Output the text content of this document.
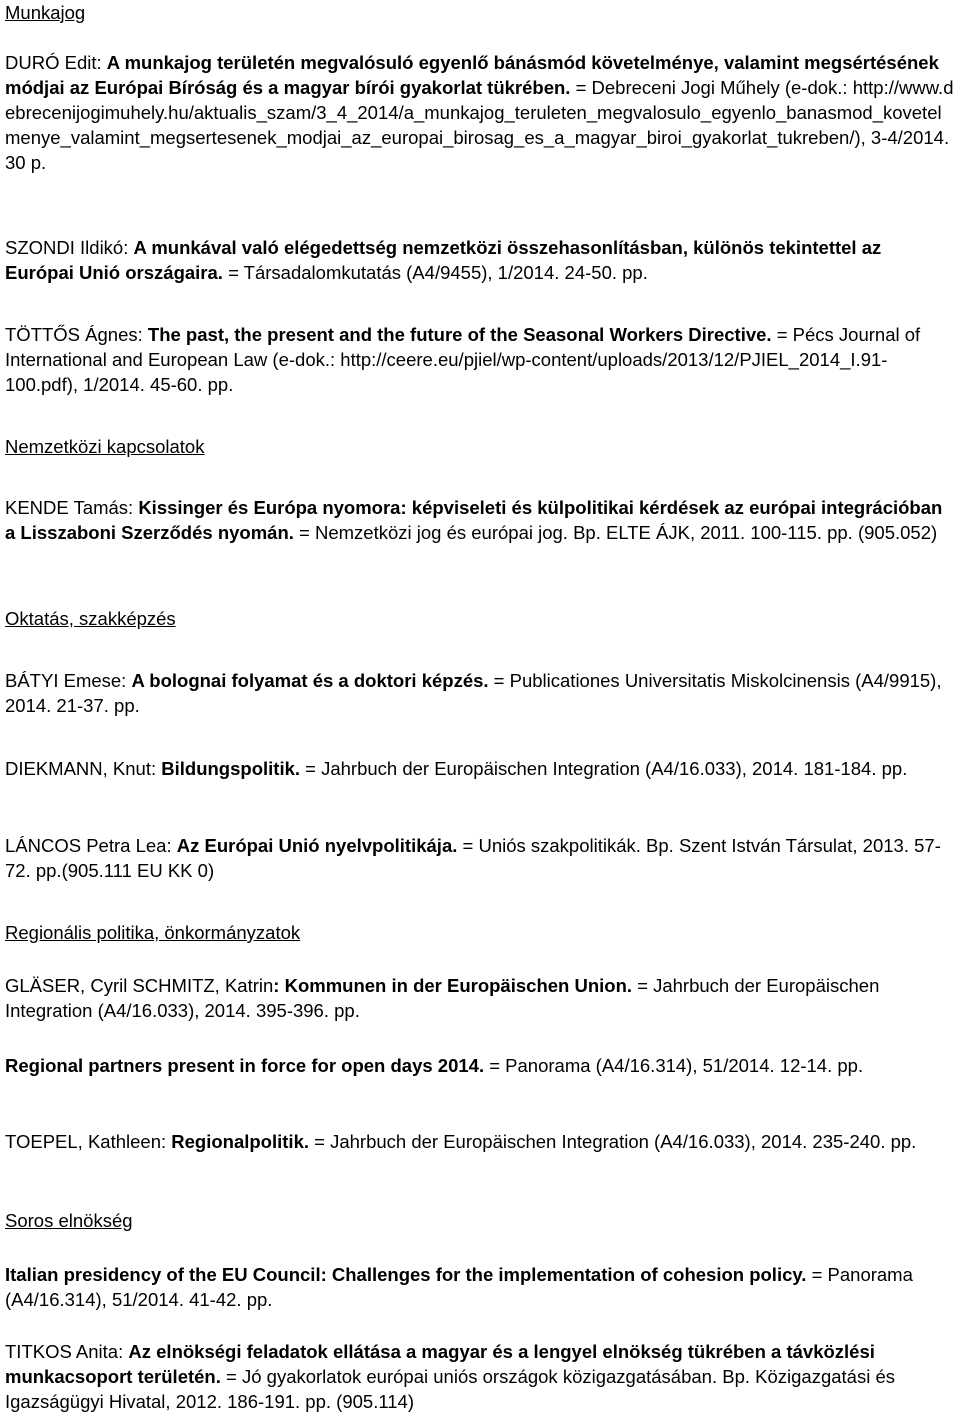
Munkajog

DURÓ Edit: A munkajog területén megvalósuló egyenlő bánásmód követelménye, valamint megsértésének módjai az Európai Bíróság és a magyar bírói gyakorlat tükrében. = Debreceni Jogi Műhely (e-dok.: http://www.debrecenijogimuhely.hu/aktualis_szam/3_4_2014/a_munkajog_teruleten_megvalosulo_egyenlo_banasmod_kovetelmenye_valamint_megsertesenek_modjai_az_europai_birosag_es_a_magyar_biroi_gyakorlat_tukreben/), 3-4/2014. 30 p.

SZONDI Ildikó: A munkával való elégedettség nemzetközi összehasonlításban, különös tekintettel az Európai Unió országaira. = Társadalomkutatás (A4/9455), 1/2014. 24-50. pp.

TÖTTŐS Ágnes: The past, the present and the future of the Seasonal Workers Directive. = Pécs Journal of International and European Law (e-dok.: http://ceere.eu/pjiel/wp-content/uploads/2013/12/PJIEL_2014_I.91-100.pdf), 1/2014. 45-60. pp.

Nemzetközi kapcsolatok

KENDE Tamás: Kissinger és Európa nyomora: képviseleti és külpolitikai kérdések az európai integrációban a Lisszaboni Szerződés nyomán. = Nemzetközi jog és európai jog. Bp. ELTE ÁJK, 2011. 100-115. pp. (905.052)

Oktatás, szakképzés

BÁTYI Emese: A bolognai folyamat és a doktori képzés. = Publicationes Universitatis Miskolcinensis (A4/9915), 2014. 21-37. pp.

DIEKMANN, Knut: Bildungspolitik. = Jahrbuch der Europäischen Integration (A4/16.033), 2014. 181-184. pp.

LÁNCOS Petra Lea: Az Európai Unió nyelvpolitikája. = Uniós szakpolitikák. Bp. Szent István Társulat, 2013. 57-72. pp.(905.111 EU KK 0)

Regionális politika, önkormányzatok

GLÄSER, Cyril SCHMITZ, Katrin: Kommunen in der Europäischen Union. = Jahrbuch der Europäischen Integration (A4/16.033), 2014. 395-396. pp.

Regional partners present in force for open days 2014. = Panorama (A4/16.314), 51/2014. 12-14. pp.

TOEPEL, Kathleen: Regionalpolitik. = Jahrbuch der Europäischen Integration (A4/16.033), 2014. 235-240. pp.

Soros elnökség

Italian presidency of the EU Council: Challenges for the implementation of cohesion policy. = Panorama (A4/16.314), 51/2014. 41-42. pp.

TITKOS Anita: Az elnökségi feladatok ellátása a magyar és a lengyel elnökség tükrében a távközlési munkacsoport területén. = Jó gyakorlatok európai uniós országok közigazgatásában. Bp. Közigazgatási és Igazságügyi Hivatal, 2012. 186-191. pp. (905.114)
